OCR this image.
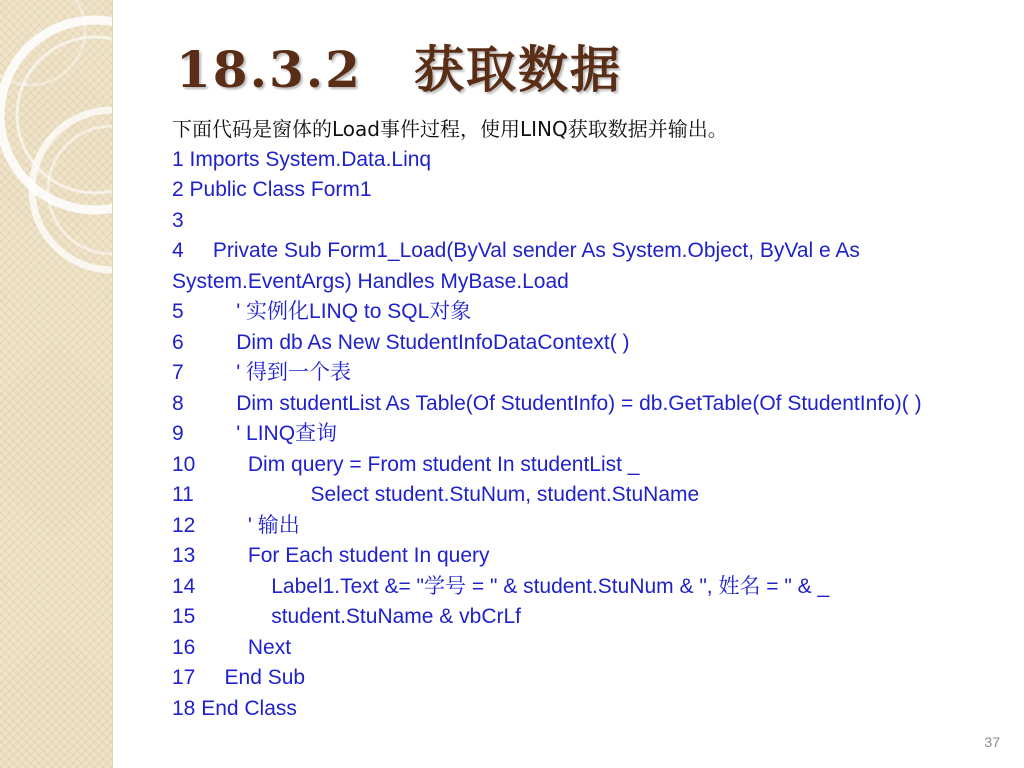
18.3.2　获取数据
下面代码是窗体的Load事件过程，使用LINQ获取数据并输出。
1 Imports System.Data.Linq
2 Public Class Form1
3
4     Private Sub Form1_Load(ByVal sender As System.Object, ByVal e As System.EventArgs) Handles MyBase.Load
5         ' 实例化LINQ to SQL对象
6         Dim db As New StudentInfoDataContext( )
7         ' 得到一个表
8         Dim studentList As Table(Of StudentInfo) = db.GetTable(Of StudentInfo)( )
9         ' LINQ查询
10         Dim query = From student In studentList _
11                    Select student.StuNum, student.StuName
12         ' 输出
13         For Each student In query
14             Label1.Text &= "学号 = " & student.StuNum & ", 姓名 = " & _
15             student.StuName & vbCrLf
16         Next
17     End Sub
18 End Class
37
